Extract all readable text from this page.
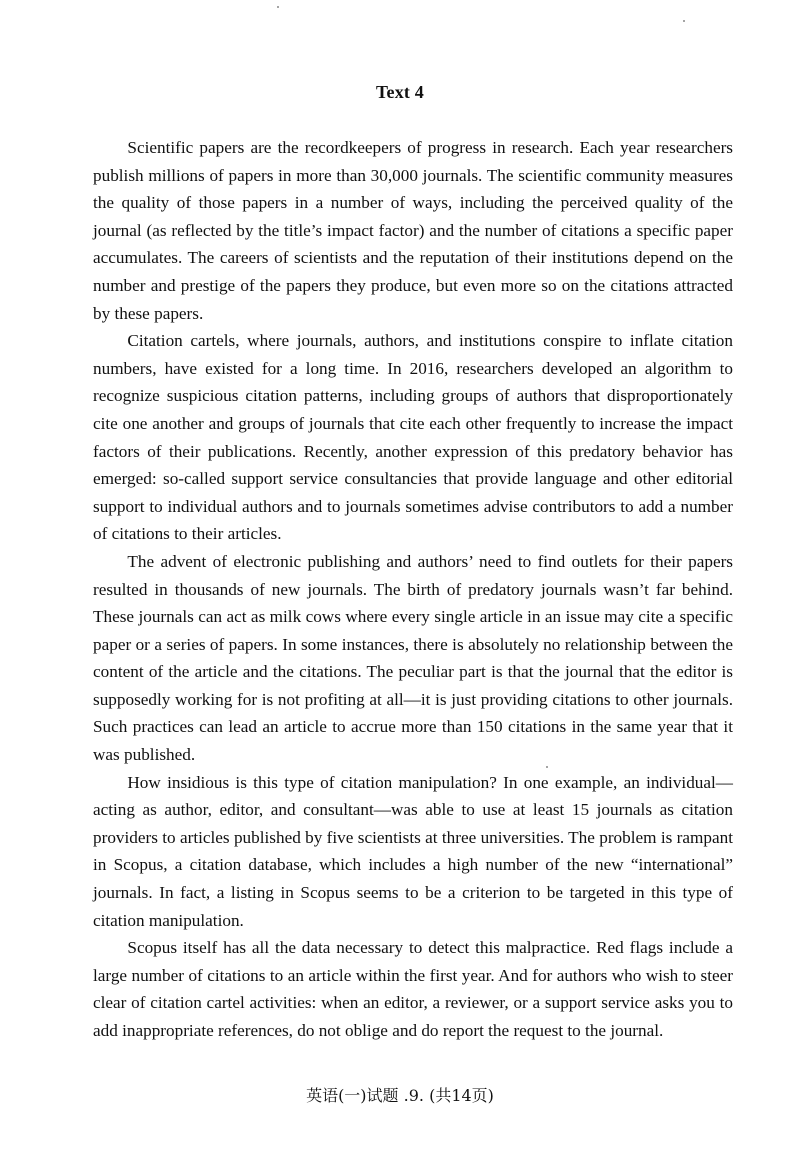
Text 4

Scientific papers are the recordkeepers of progress in research. Each year researchers publish millions of papers in more than 30,000 journals. The scientific community measures the quality of those papers in a number of ways, including the perceived quality of the journal (as reflected by the title’s impact factor) and the number of citations a specific paper accumulates. The careers of scientists and the reputation of their institutions depend on the number and prestige of the papers they produce, but even more so on the citations attracted by these papers.

Citation cartels, where journals, authors, and institutions conspire to inflate citation numbers, have existed for a long time. In 2016, researchers developed an algorithm to recognize suspicious citation patterns, including groups of authors that disproportionately cite one another and groups of journals that cite each other frequently to increase the impact factors of their publications. Recently, another expression of this predatory behavior has emerged: so-called support service consultancies that provide language and other editorial support to individual authors and to journals sometimes advise contributors to add a number of citations to their articles.

The advent of electronic publishing and authors’ need to find outlets for their papers resulted in thousands of new journals. The birth of predatory journals wasn’t far behind. These journals can act as milk cows where every single article in an issue may cite a specific paper or a series of papers. In some instances, there is absolutely no relationship between the content of the article and the citations. The peculiar part is that the journal that the editor is supposedly working for is not profiting at all—it is just providing citations to other journals. Such practices can lead an article to accrue more than 150 citations in the same year that it was published.

How insidious is this type of citation manipulation? In one example, an individual—acting as author, editor, and consultant—was able to use at least 15 journals as citation providers to articles published by five scientists at three universities. The problem is rampant in Scopus, a citation database, which includes a high number of the new “international” journals. In fact, a listing in Scopus seems to be a criterion to be targeted in this type of citation manipulation.

Scopus itself has all the data necessary to detect this malpractice. Red flags include a large number of citations to an article within the first year. And for authors who wish to steer clear of citation cartel activities: when an editor, a reviewer, or a support service asks you to add inappropriate references, do not oblige and do report the request to the journal.

英语(一)试题 .9. (共14页)
